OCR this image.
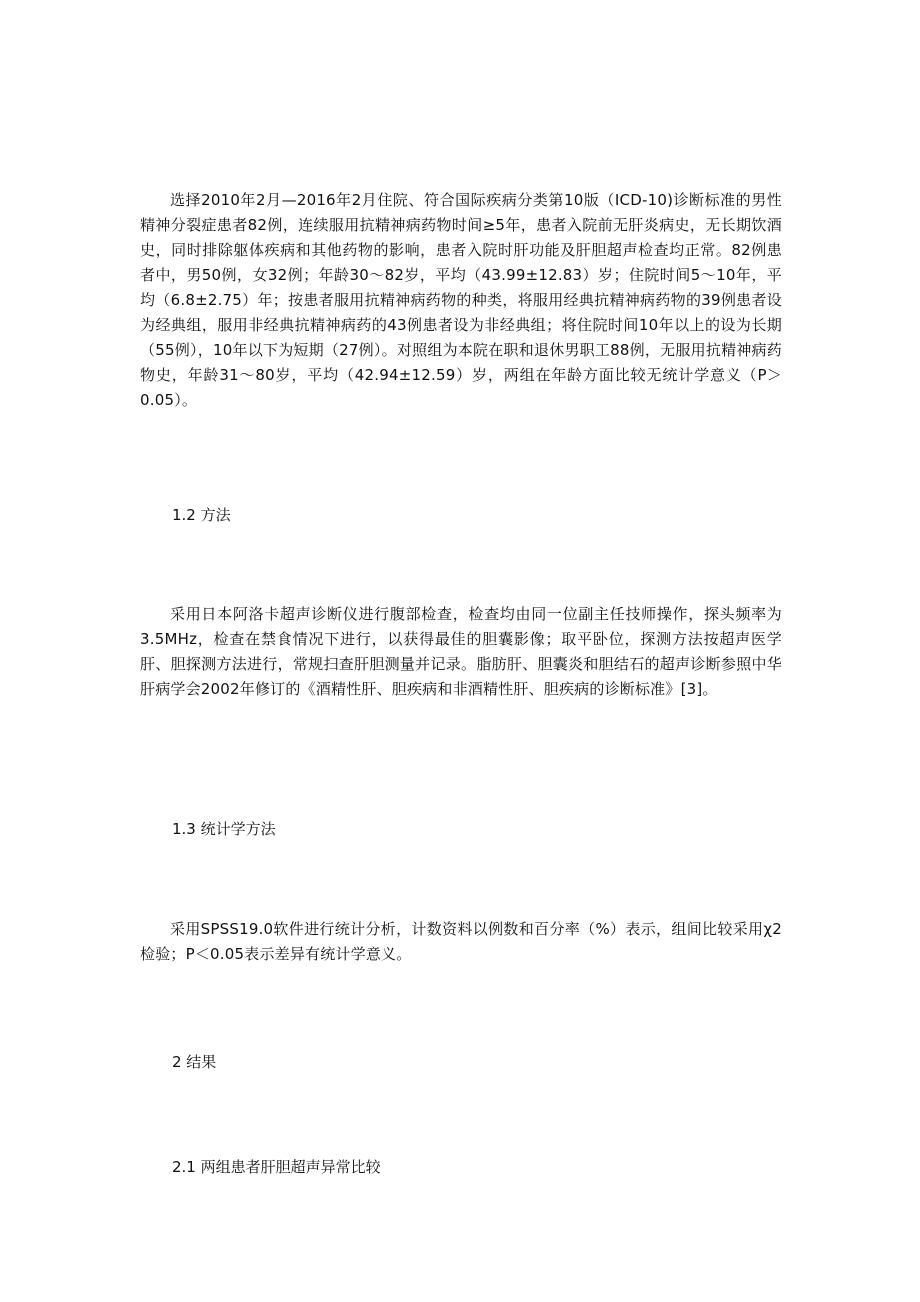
选择2010年2月—2016年2月住院、符合国际疾病分类第10版（ICD-10)诊断标准的男性精神分裂症患者82例，连续服用抗精神病药物时间≥5年，患者入院前无肝炎病史，无长期饮酒史，同时排除躯体疾病和其他药物的影响，患者入院时肝功能及肝胆超声检查均正常。82例患者中，男50例，女32例；年龄30～82岁，平均（43.99±12.83）岁；住院时间5～10年，平均（6.8±2.75）年；按患者服用抗精神病药物的种类，将服用经典抗精神病药物的39例患者设为经典组，服用非经典抗精神病药的43例患者设为非经典组；将住院时间10年以上的设为长期（55例），10年以下为短期（27例）。对照组为本院在职和退休男职工88例，无服用抗精神病药物史，年龄31～80岁，平均（42.94±12.59）岁，两组在年龄方面比较无统计学意义（P＞0.05）。

1.2 方法

采用日本阿洛卡超声诊断仪进行腹部检查，检查均由同一位副主任技师操作，探头频率为3.5MHz，检查在禁食情况下进行，以获得最佳的胆囊影像；取平卧位，探测方法按超声医学肝、胆探测方法进行，常规扫查肝胆测量并记录。脂肪肝、胆囊炎和胆结石的超声诊断参照中华肝病学会2002年修订的《酒精性肝、胆疾病和非酒精性肝、胆疾病的诊断标准》[3]。

1.3 统计学方法

采用SPSS19.0软件进行统计分析，计数资料以例数和百分率（%）表示，组间比较采用χ2检验；P＜0.05表示差异有统计学意义。

2 结果

2.1 两组患者肝胆超声异常比较
